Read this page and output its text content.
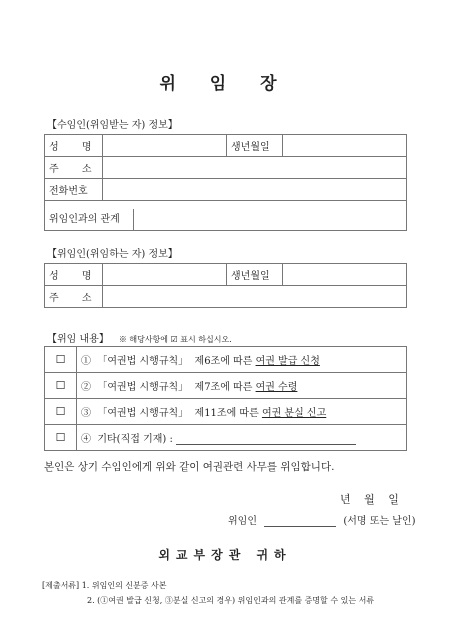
위 임 장
【수임인(위임받는 자) 정보】
성 명		생년월일	
주 소			
전화번호			
위임인과의 관계			
【위임인(위임하는 자) 정보】
성 명		생년월일	
주 소			
【위임 내용】 ※ 해당사항에 ☑ 표시 하십시오.
☐	① 「여권법 시행규칙」 제6조에 따른 여권 발급 신청
☐	② 「여권법 시행규칙」 제7조에 따른 여권 수령
☐	③ 「여권법 시행규칙」 제11조에 따른 여권 분실 신고
☐	④ 기타(직접 기재) :
본인은 상기 수임인에게 위와 같이 여권관련 사무를 위임합니다.
년 월 일
위임인	(서명 또는 날인)
외교부장관 귀하
[제출서류] 1. 위임인의 신분증 사본
2. (①여권 발급 신청, ③분실 신고의 경우) 위임인과의 관계를 증명할 수 있는 서류
